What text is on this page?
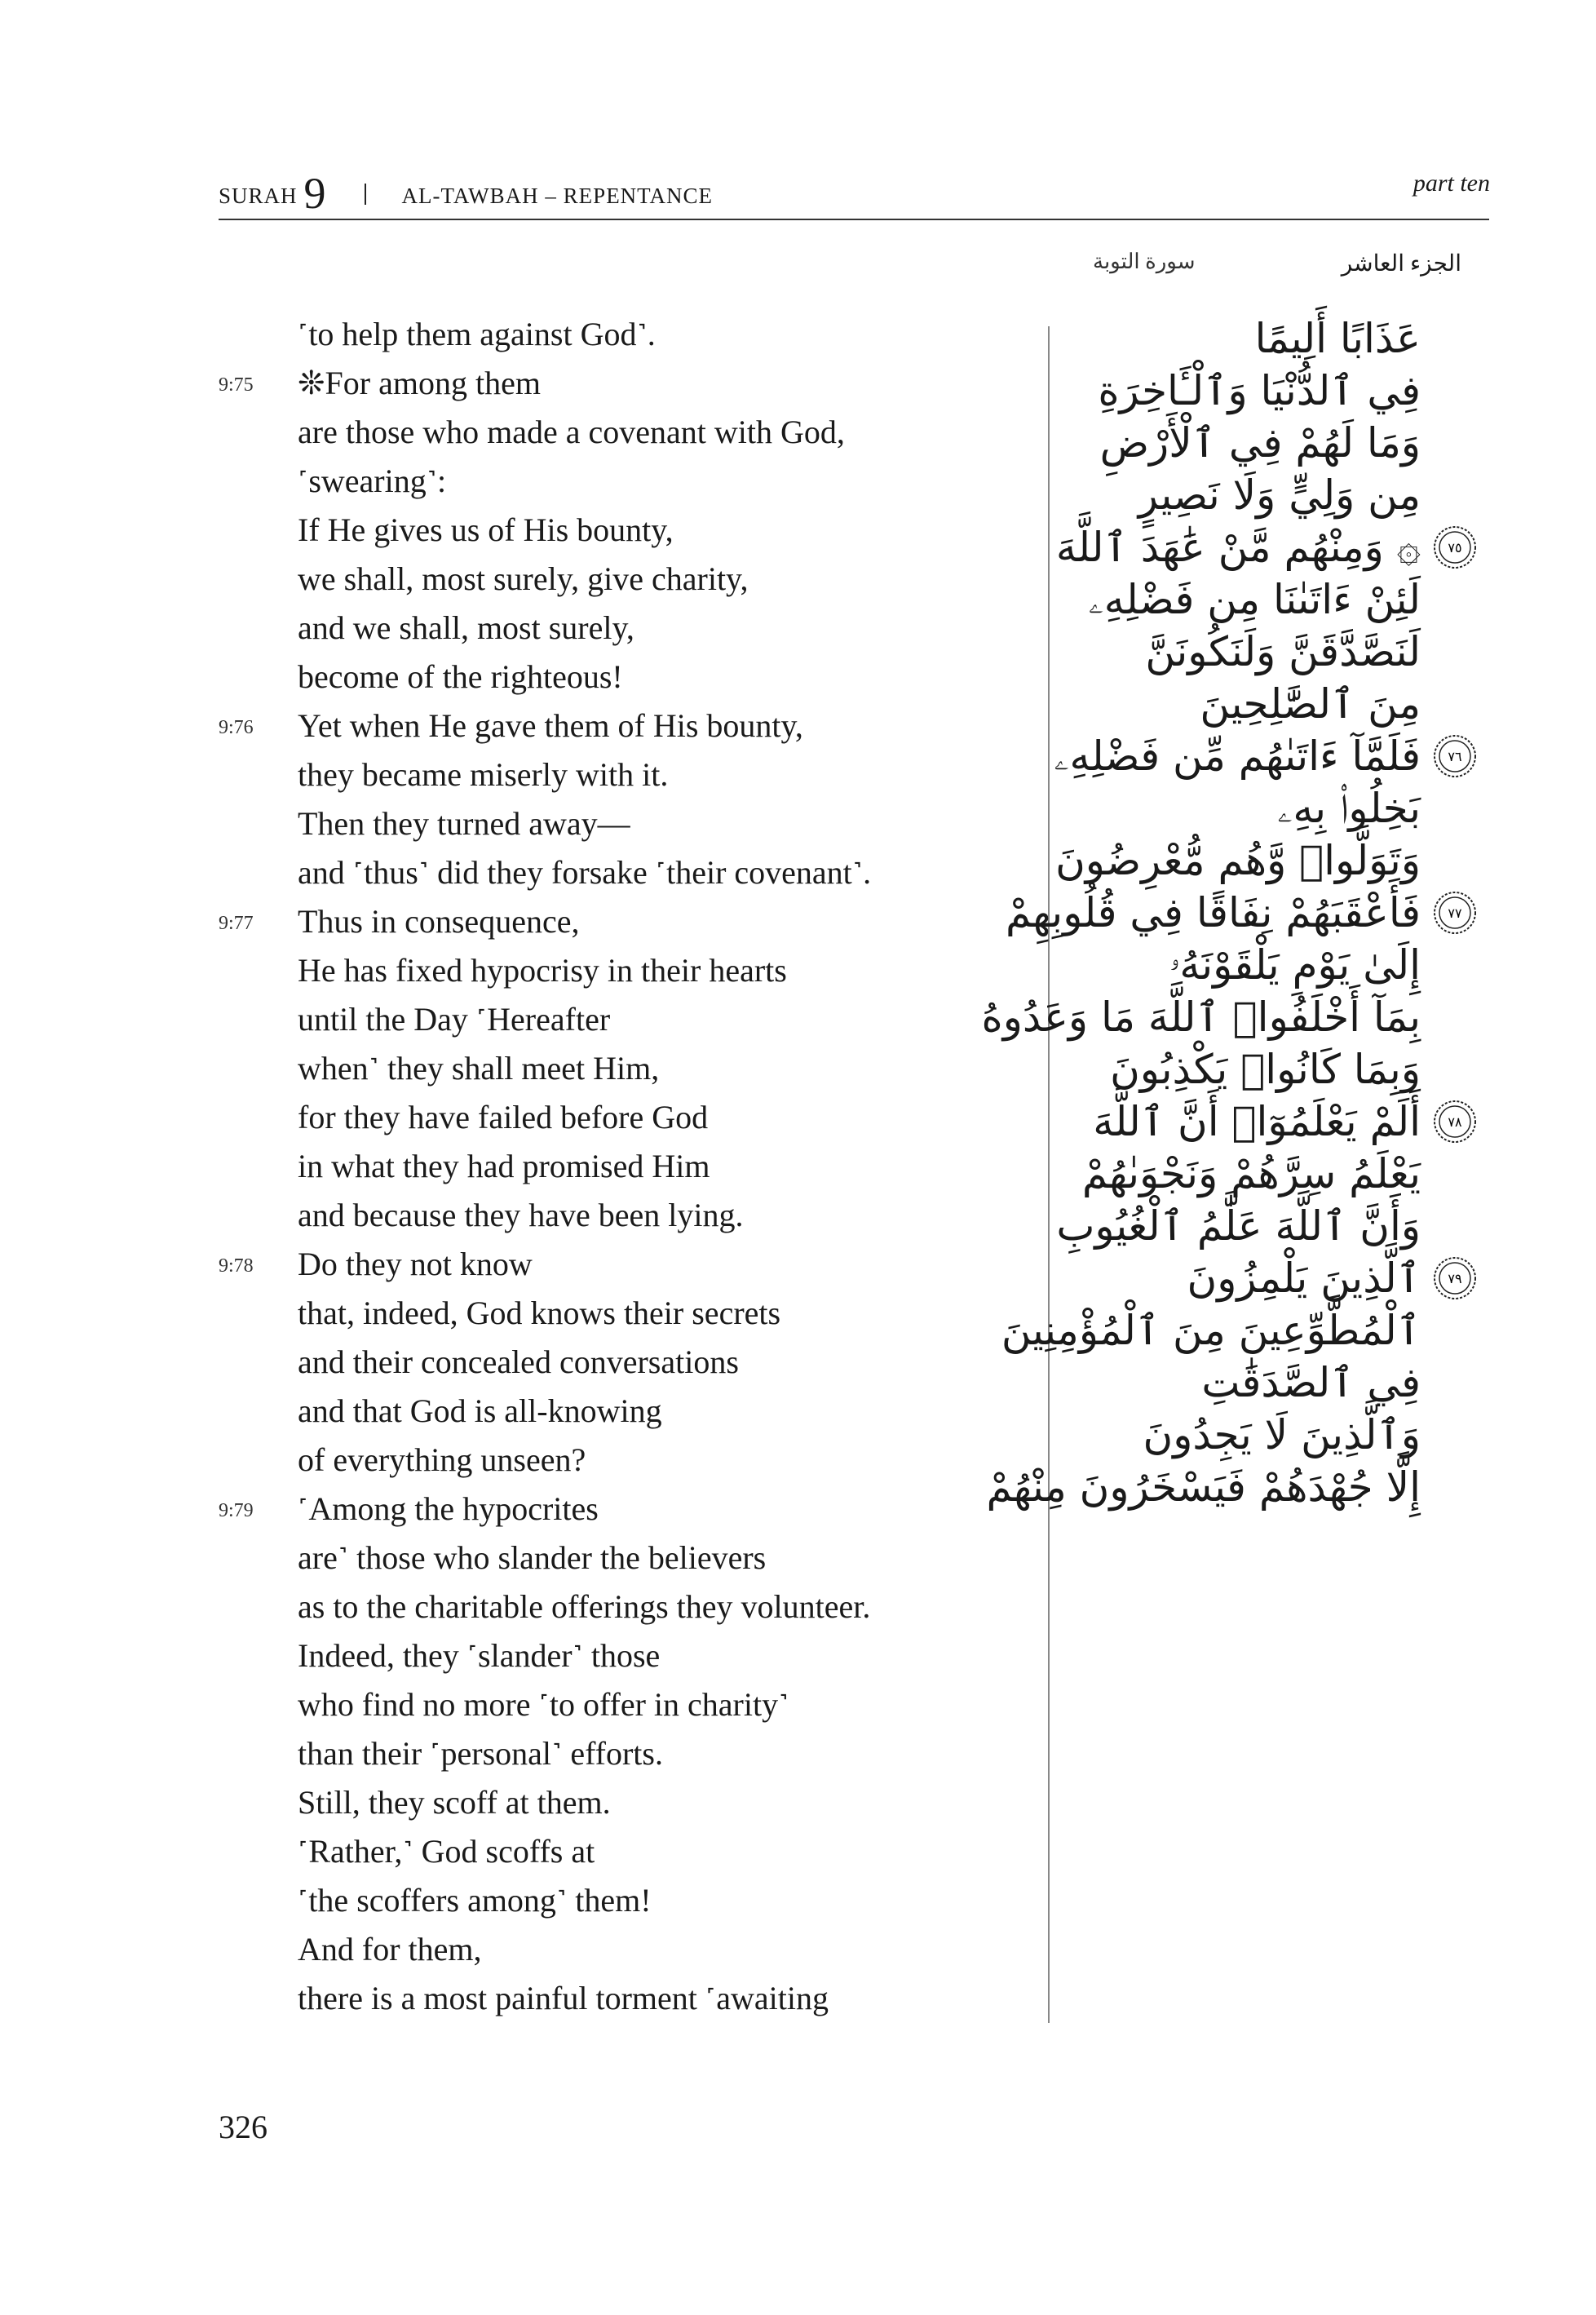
SURAH 9	AL-TAWBAH – REPENTANCE	part ten
الجزء العاشر
سورة التوبة
˹to help them against God˺.
9:75 ❊For among them
are those who made a covenant with God,
˹swearing˺:
If He gives us of His bounty,
we shall, most surely, give charity,
and we shall, most surely,
become of the righteous!
9:76 Yet when He gave them of His bounty,
they became miserly with it.
Then they turned away—
and ˹thus˺ did they forsake ˹their covenant˺.
9:77 Thus in consequence,
He has fixed hypocrisy in their hearts
until the Day ˹Hereafter
when˺ they shall meet Him,
for they have failed before God
in what they had promised Him
and because they have been lying.
9:78 Do they not know
that, indeed, God knows their secrets
and their concealed conversations
and that God is all-knowing
of everything unseen?
9:79 ˹Among the hypocrites
are˺ those who slander the believers
as to the charitable offerings they volunteer.
Indeed, they ˹slander˺ those
who find no more ˹to offer in charity˺
than their ˹personal˺ efforts.
Still, they scoff at them.
˹Rather,˺ God scoffs at
˹the scoffers among˺ them!
And for them,
there is a most painful torment ˹awaiting
عَذَابًا أَلِيمًا
فِي ٱلدُّنْيَا وَٱلْـَٔاخِرَةِ
وَمَا لَهُمْ فِي ٱلْأَرْضِ
مِن وَلِيٍّ وَلَا نَصِيرٍ
۞ وَمِنْهُم مَّنْ عَٰهَدَ ٱللَّهَ ٧٥
لَئِنْ ءَاتَىٰنَا مِن فَضْلِهِۦ
لَنَصَّدَّقَنَّ وَلَنَكُونَنَّ
مِنَ ٱلصَّٰلِحِينَ
فَلَمَّآ ءَاتَىٰهُم مِّن فَضْلِهِۦ ٧٦
بَخِلُوا۟ بِهِۦ
وَتَوَلَّوا۟ وَّهُم مُّعْرِضُونَ
فَأَعْقَبَهُمْ نِفَاقًا فِي قُلُوبِهِمْ ٧٧
إِلَىٰ يَوْمِ يَلْقَوْنَهُۥ
بِمَآ أَخْلَفُوا۟ ٱللَّهَ مَا وَعَدُوهُ
وَبِمَا كَانُوا۟ يَكْذِبُونَ
أَلَمْ يَعْلَمُوٓا۟ أَنَّ ٱللَّهَ ٧٨
يَعْلَمُ سِرَّهُمْ وَنَجْوَىٰهُمْ
وَأَنَّ ٱللَّهَ عَلَّٰمُ ٱلْغُيُوبِ
ٱلَّذِينَ يَلْمِزُونَ ٧٩
ٱلْمُطَّوِّعِينَ مِنَ ٱلْمُؤْمِنِينَ
فِي ٱلصَّدَقَٰتِ
وَٱلَّذِينَ لَا يَجِدُونَ
إِلَّا جُهْدَهُمْ فَيَسْخَرُونَ مِنْهُمْ
326
